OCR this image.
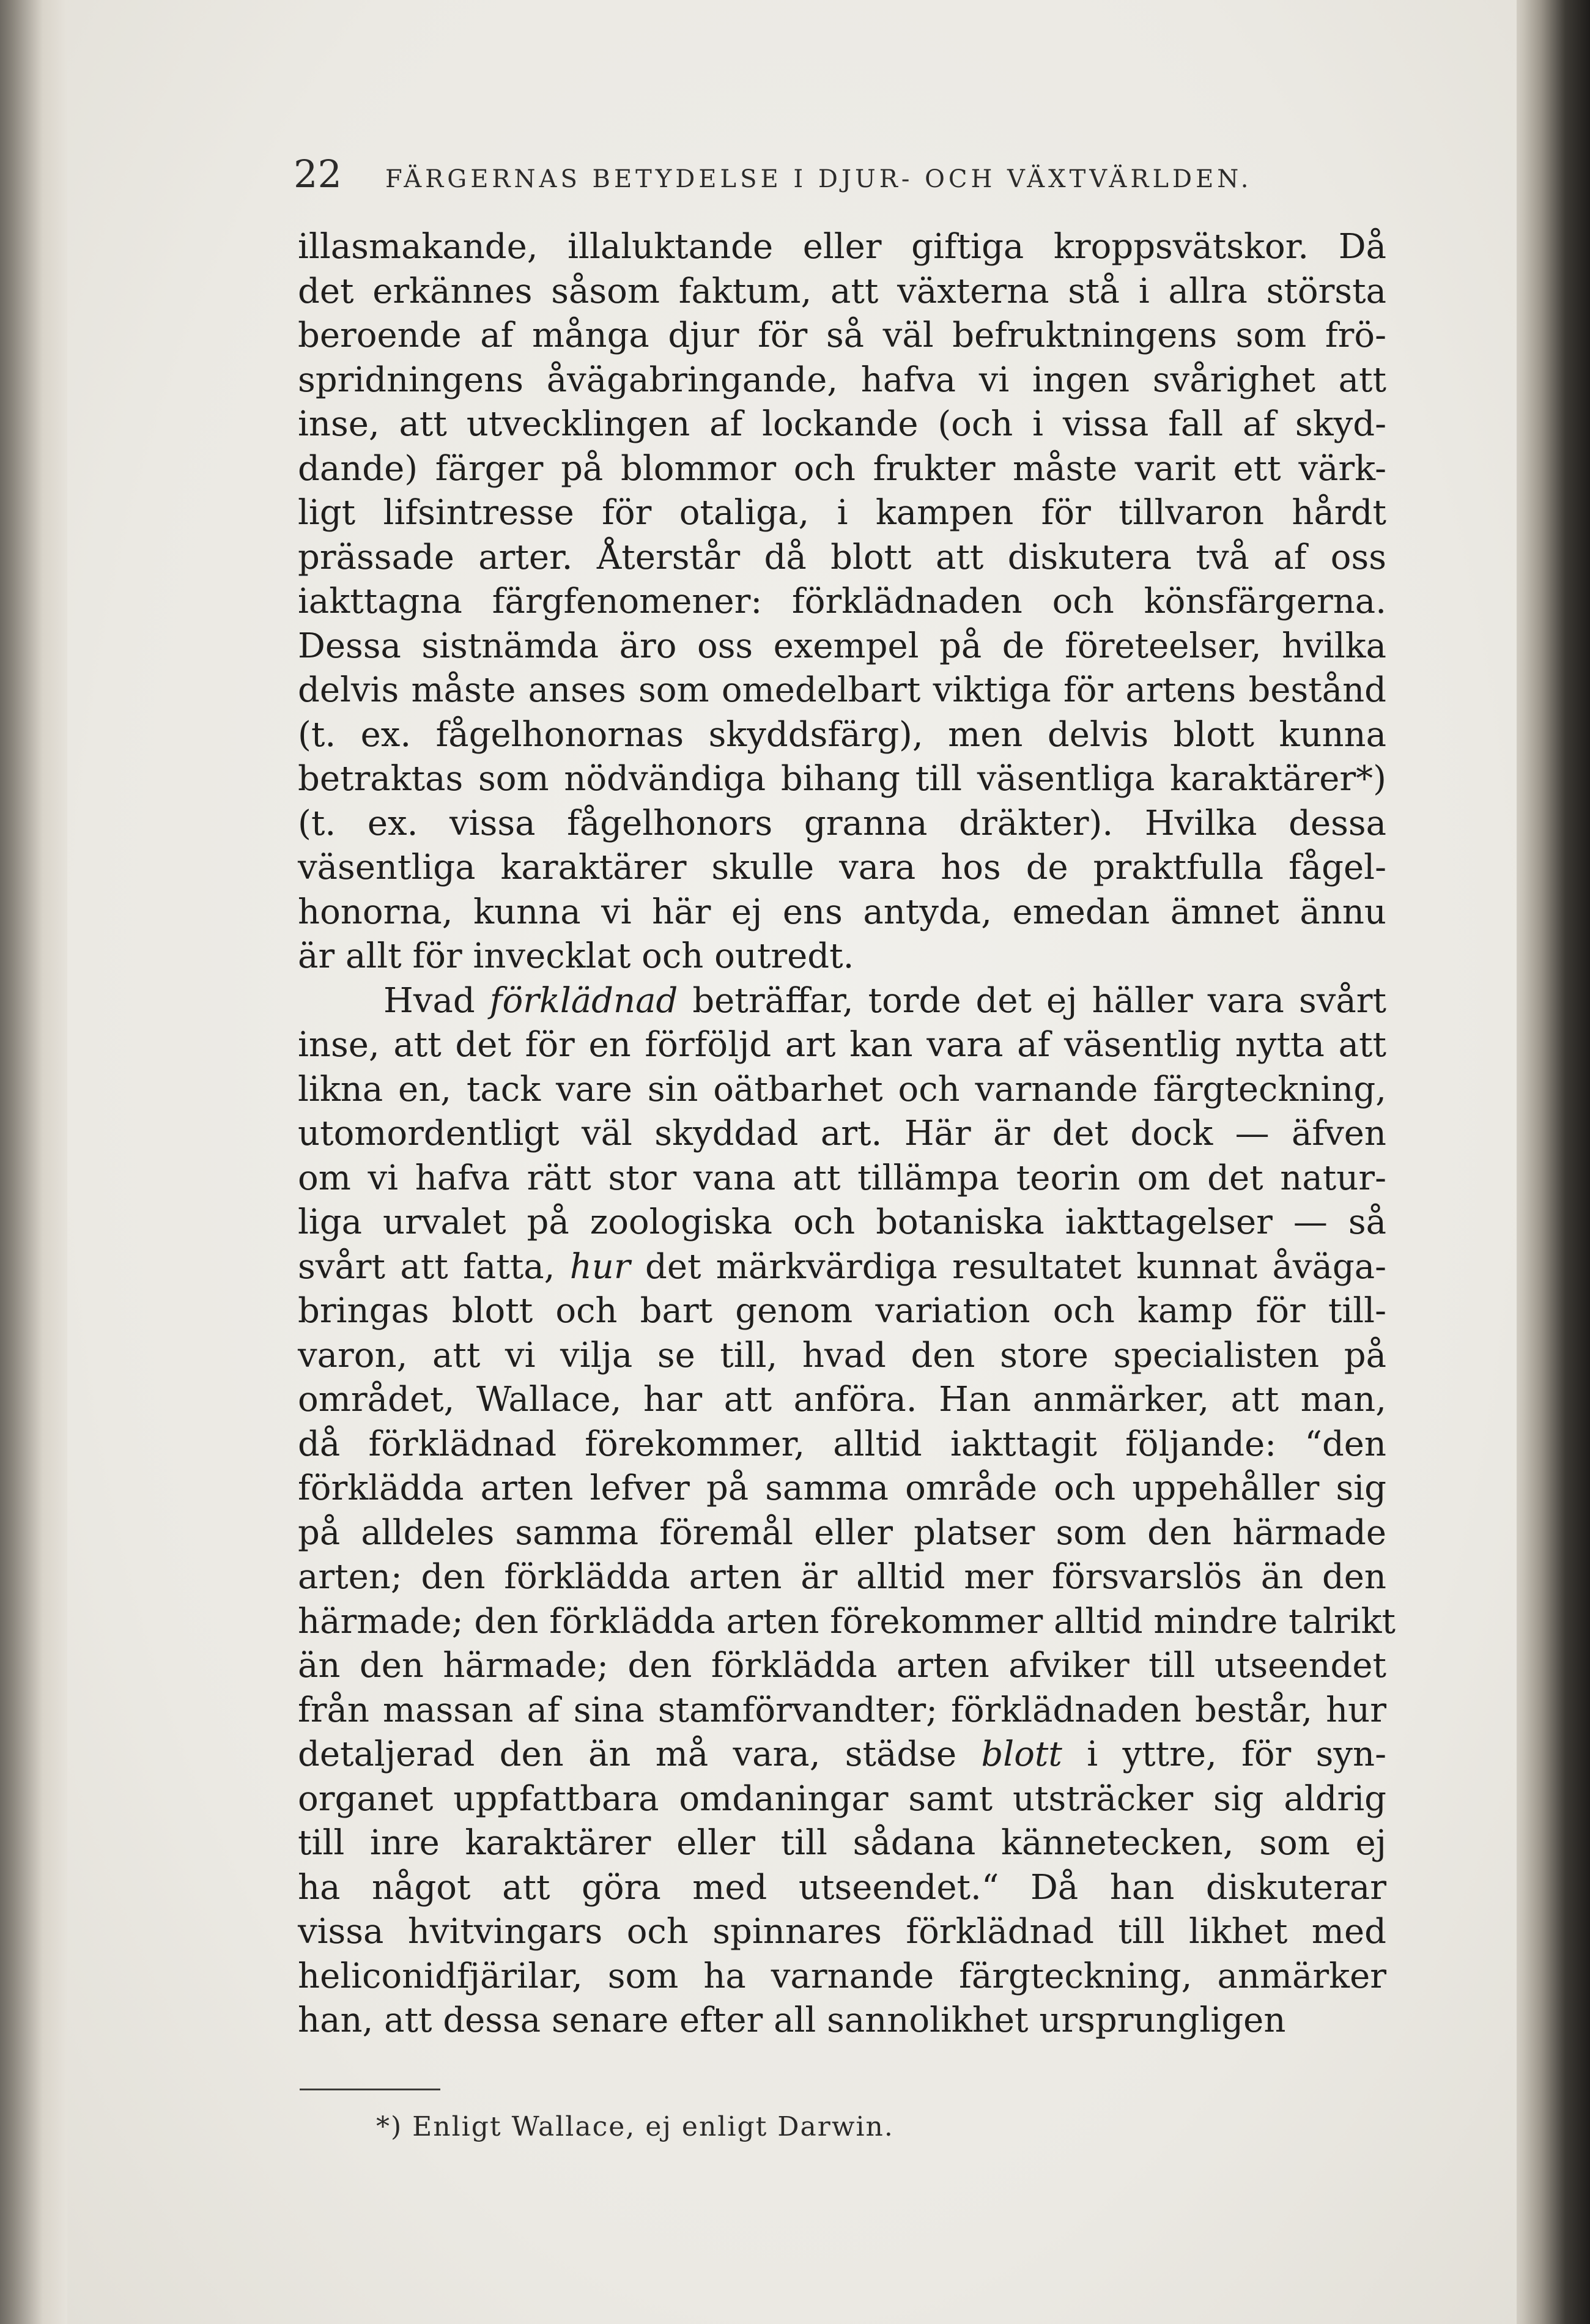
22	FÄRGERNAS BETYDELSE I DJUR- OCH VÄXTVÄRLDEN.
illasmakande, illaluktande eller giftiga kroppsvätskor. Då
det erkännes såsom faktum, att växterna stå i allra största
beroende af många djur för så väl befruktningens som frö-
spridningens åvägabringande, hafva vi ingen svårighet att
inse, att utvecklingen af lockande (och i vissa fall af skyd-
dande) färger på blommor och frukter måste varit ett värk-
ligt lifsintresse för otaliga, i kampen för tillvaron hårdt
prässade arter. Återstår då blott att diskutera två af oss
iakttagna färgfenomener: förklädnaden och könsfärgerna.
Dessa sistnämda äro oss exempel på de företeelser, hvilka
delvis måste anses som omedelbart viktiga för artens bestånd
(t. ex. fågelhonornas skyddsfärg), men delvis blott kunna
betraktas som nödvändiga bihang till väsentliga karaktärer*)
(t. ex. vissa fågelhonors granna dräkter). Hvilka dessa
väsentliga karaktärer skulle vara hos de praktfulla fågel-
honorna, kunna vi här ej ens antyda, emedan ämnet ännu
är allt för invecklat och outredt.
Hvad förklädnad beträffar, torde det ej häller vara svårt
inse, att det för en förföljd art kan vara af väsentlig nytta att
likna en, tack vare sin oätbarhet och varnande färgteckning,
utomordentligt väl skyddad art. Här är det dock — äfven
om vi hafva rätt stor vana att tillämpa teorin om det natur-
liga urvalet på zoologiska och botaniska iakttagelser — så
svårt att fatta, hur det märkvärdiga resultatet kunnat åväga-
bringas blott och bart genom variation och kamp för till-
varon, att vi vilja se till, hvad den store specialisten på
området, Wallace, har att anföra. Han anmärker, att man,
då förklädnad förekommer, alltid iakttagit följande: “den
förklädda arten lefver på samma område och uppehåller sig
på alldeles samma föremål eller platser som den härmade
arten; den förklädda arten är alltid mer försvarslös än den
härmade; den förklädda arten förekommer alltid mindre talrikt
än den härmade; den förklädda arten afviker till utseendet
från massan af sina stamförvandter; förklädnaden består, hur
detaljerad den än må vara, städse blott i yttre, för syn-
organet uppfattbara omdaningar samt utsträcker sig aldrig
till inre karaktärer eller till sådana kännetecken, som ej
ha något att göra med utseendet.“ Då han diskuterar
vissa hvitvingars och spinnares förklädnad till likhet med
heliconidfjärilar, som ha varnande färgteckning, anmärker
han, att dessa senare efter all sannolikhet ursprungligen
*) Enligt Wallace, ej enligt Darwin.
